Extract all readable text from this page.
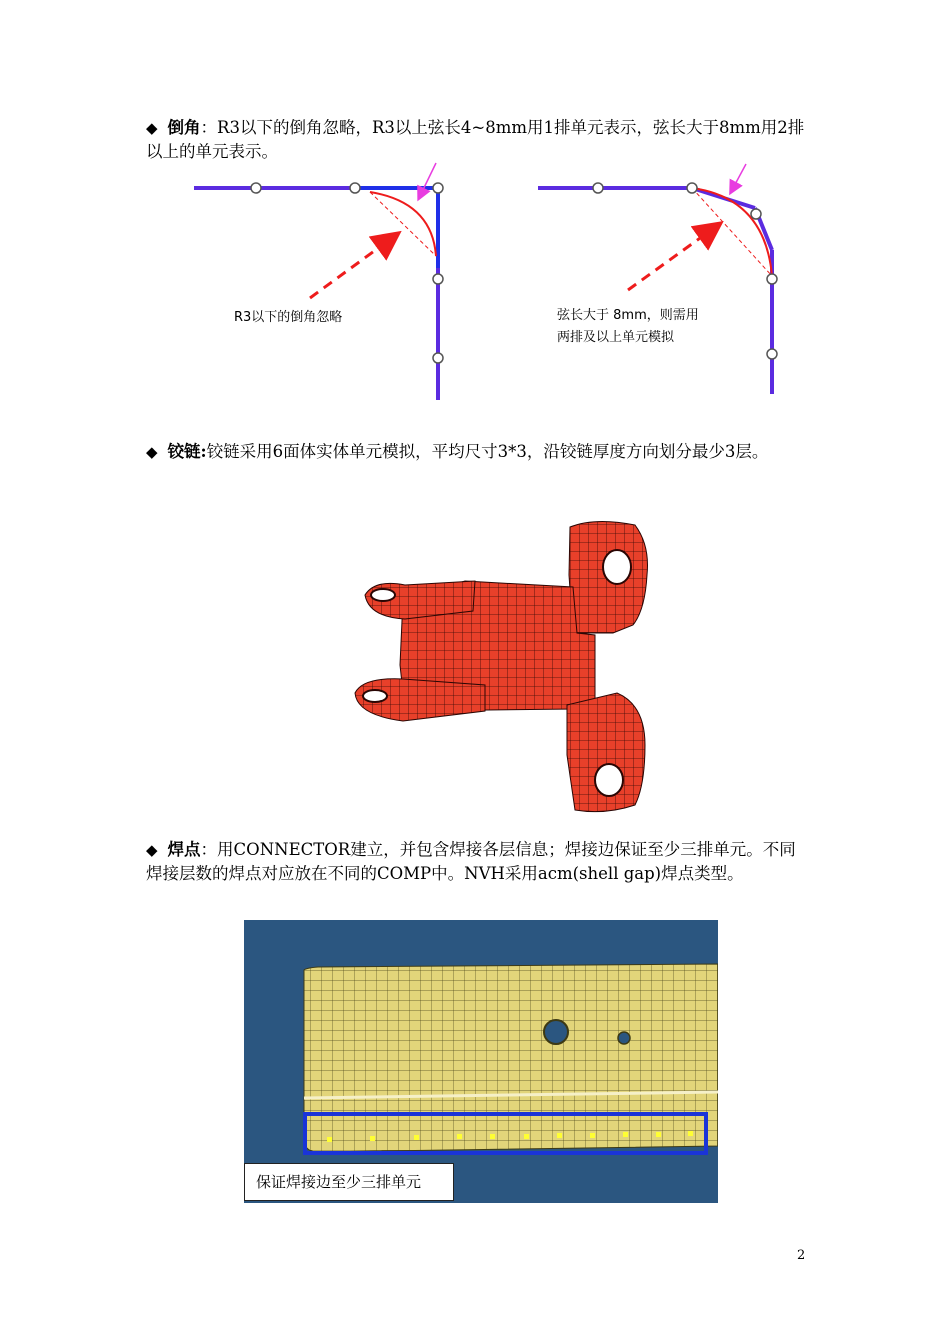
◆ 倒角：R3以下的倒角忽略，R3以上弦长4~8mm用1排单元表示，弦长大于8mm用2排以上的单元表示。
R3以下的倒角忽略	弦长大于 8mm，则需用
两排及以上单元模拟
◆ 铰链:铰链采用6面体实体单元模拟，平均尺寸3*3，沿铰链厚度方向划分最少3层。
◆ 焊点：用CONNECTOR建立，并包含焊接各层信息；焊接边保证至少三排单元。不同焊接层数的焊点对应放在不同的COMP中。NVH采用acm(shell gap)焊点类型。
保证焊接边至少三排单元
2
